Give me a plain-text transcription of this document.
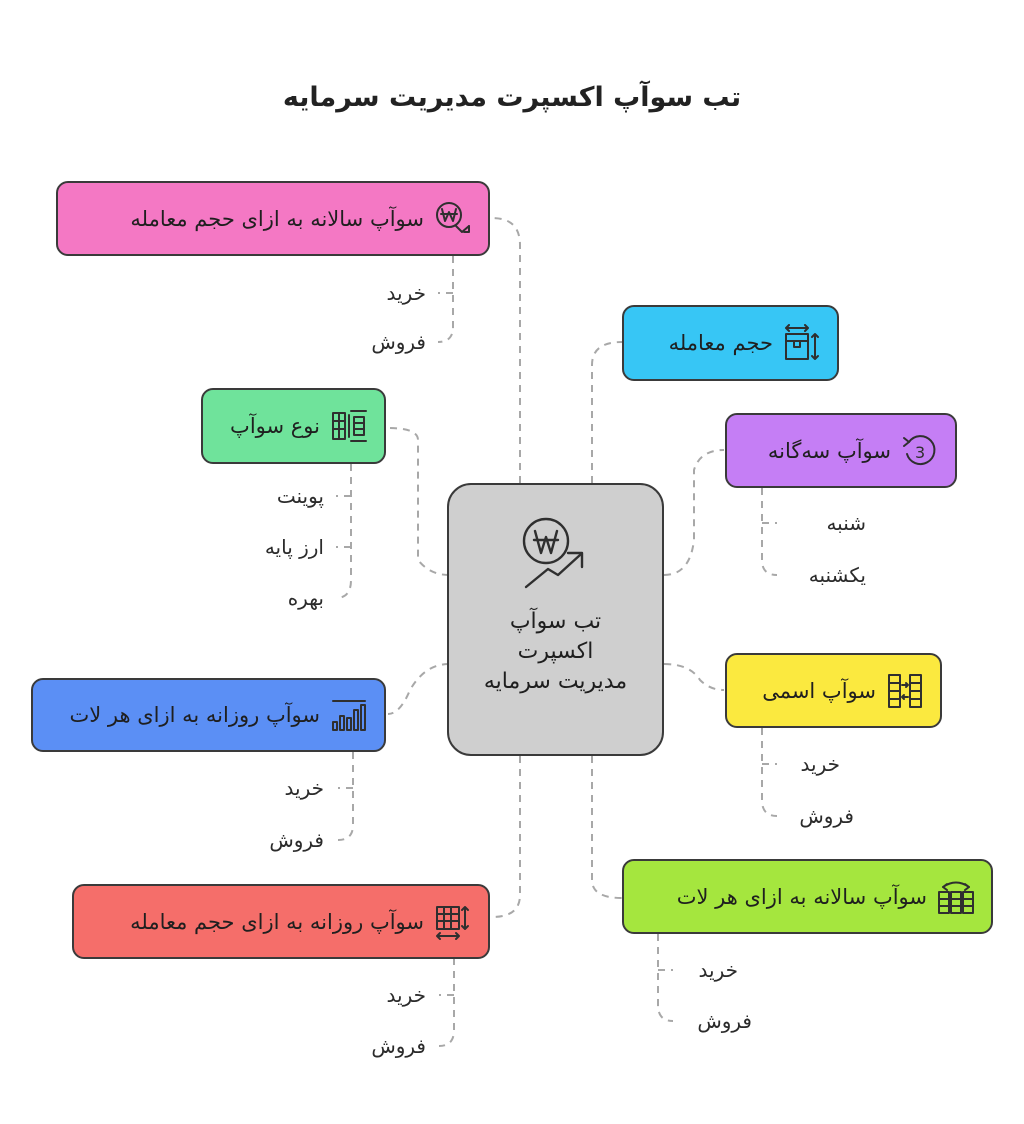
تب سوآپ اکسپرت مدیریت سرمایه
تب سوآپ اکسپرت مدیریت سرمایه
سوآپ سالانه به ازای حجم معامله
نوع سوآپ
سوآپ روزانه به ازای هر لات
سوآپ روزانه به ازای حجم معامله
حجم معامله
سوآپ سه‌گانه 3
سوآپ اسمی
سوآپ سالانه به ازای هر لات
خرید
فروش
پوینت
ارز پایه
بهره
خرید
فروش
خرید
فروش
شنبه
یکشنبه
خرید
فروش
خرید
فروش
